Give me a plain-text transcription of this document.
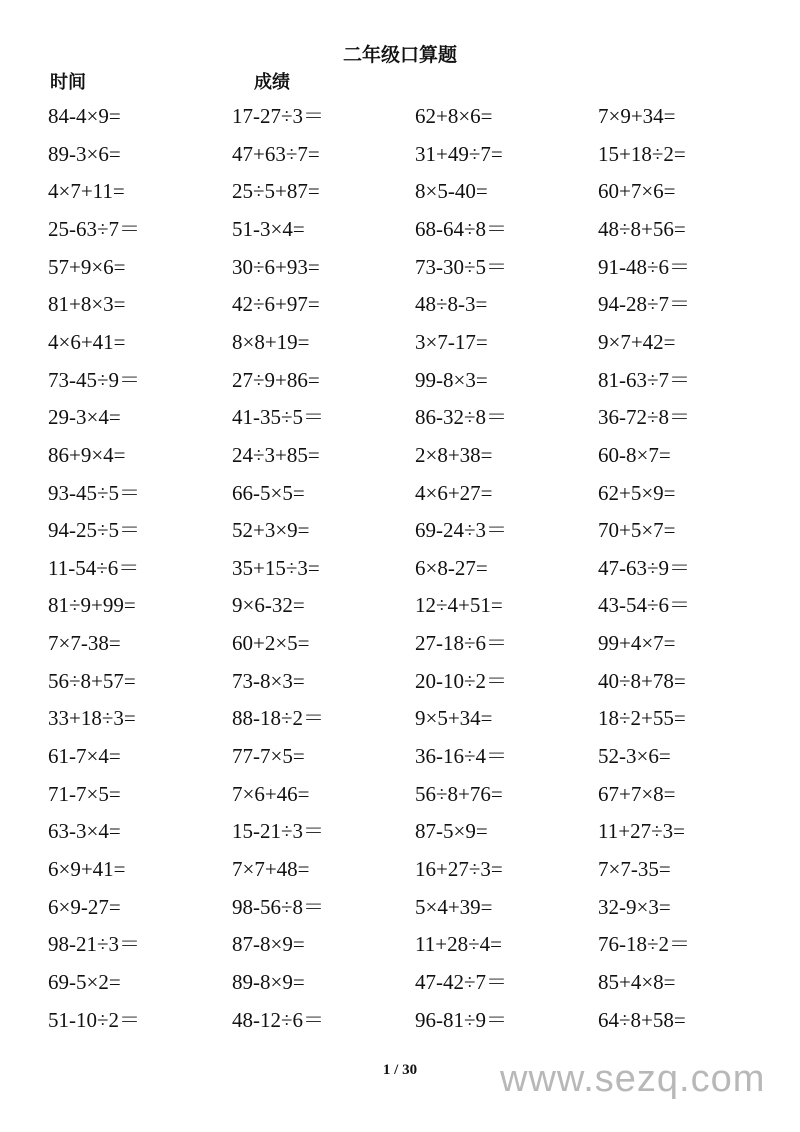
二年级口算题
时间	成绩
84-4×9=	17-27÷3＝	62+8×6=	7×9+34=
89-3×6=	47+63÷7=	31+49÷7=	15+18÷2=
4×7+11=	25÷5+87=	8×5-40=	60+7×6=
25-63÷7＝	51-3×4=	68-64÷8＝	48÷8+56=
57+9×6=	30÷6+93=	73-30÷5＝	91-48÷6＝
81+8×3=	42÷6+97=	48÷8-3=	94-28÷7＝
4×6+41=	8×8+19=	3×7-17=	9×7+42=
73-45÷9＝	27÷9+86=	99-8×3=	81-63÷7＝
29-3×4=	41-35÷5＝	86-32÷8＝	36-72÷8＝
86+9×4=	24÷3+85=	2×8+38=	60-8×7=
93-45÷5＝	66-5×5=	4×6+27=	62+5×9=
94-25÷5＝	52+3×9=	69-24÷3＝	70+5×7=
11-54÷6＝	35+15÷3=	6×8-27=	47-63÷9＝
81÷9+99=	9×6-32=	12÷4+51=	43-54÷6＝
7×7-38=	60+2×5=	27-18÷6＝	99+4×7=
56÷8+57=	73-8×3=	20-10÷2＝	40÷8+78=
33+18÷3=	88-18÷2＝	9×5+34=	18÷2+55=
61-7×4=	77-7×5=	36-16÷4＝	52-3×6=
71-7×5=	7×6+46=	56÷8+76=	67+7×8=
63-3×4=	15-21÷3＝	87-5×9=	11+27÷3=
6×9+41=	7×7+48=	16+27÷3=	7×7-35=
6×9-27=	98-56÷8＝	5×4+39=	32-9×3=
98-21÷3＝	87-8×9=	11+28÷4=	76-18÷2＝
69-5×2=	89-8×9=	47-42÷7＝	85+4×8=
51-10÷2＝	48-12÷6＝	96-81÷9＝	64÷8+58=
1 / 30	www.sezq.com
